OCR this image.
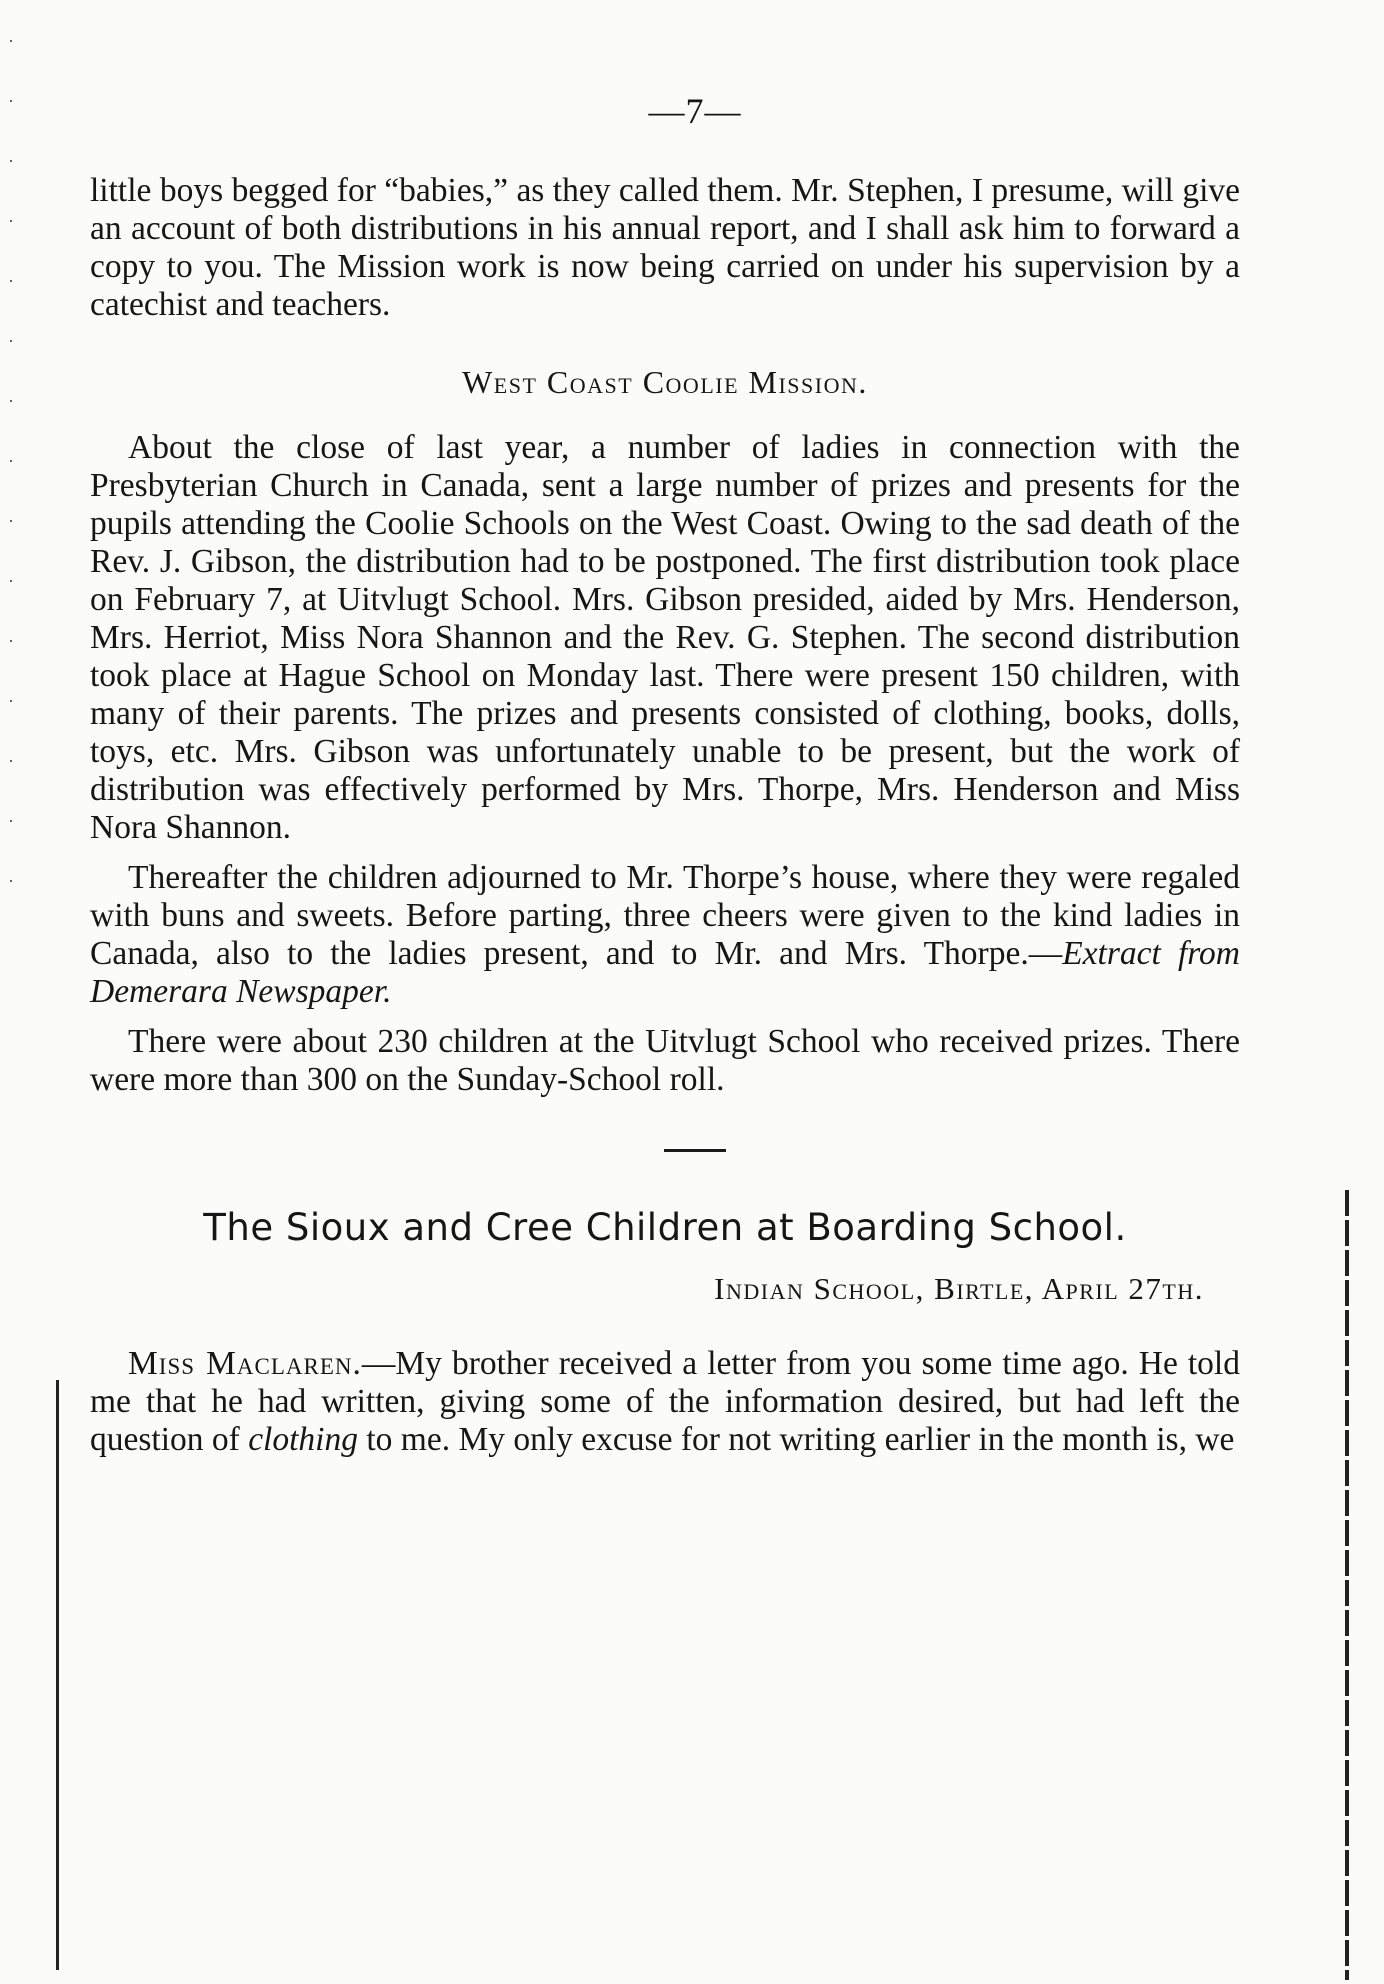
—7—

little boys begged for “babies,” as they called them. Mr. Stephen, I presume, will give an account of both distributions in his annual report, and I shall ask him to forward a copy to you. The Mission work is now being carried on under his supervision by a catechist and teachers.

West Coast Coolie Mission.

About the close of last year, a number of ladies in connection with the Presbyterian Church in Canada, sent a large number of prizes and presents for the pupils attending the Coolie Schools on the West Coast. Owing to the sad death of the Rev. J. Gibson, the distribution had to be postponed. The first distribution took place on February 7, at Uitvlugt School. Mrs. Gibson presided, aided by Mrs. Henderson, Mrs. Herriot, Miss Nora Shannon and the Rev. G. Stephen. The second distribution took place at Hague School on Monday last. There were present 150 children, with many of their parents. The prizes and presents consisted of clothing, books, dolls, toys, etc. Mrs. Gibson was unfortunately unable to be present, but the work of distribution was effectively performed by Mrs. Thorpe, Mrs. Henderson and Miss Nora Shannon.

Thereafter the children adjourned to Mr. Thorpe’s house, where they were regaled with buns and sweets. Before parting, three cheers were given to the kind ladies in Canada, also to the ladies present, and to Mr. and Mrs. Thorpe.—Extract from Demerara Newspaper.

There were about 230 children at the Uitvlugt School who received prizes. There were more than 300 on the Sunday-School roll.

The Sioux and Cree Children at Boarding School.
Indian School, Birtle, April 27th.

Miss Maclaren.—My brother received a letter from you some time ago. He told me that he had written, giving some of the information desired, but had left the question of clothing to me. My only excuse for not writing earlier in the month is, we
